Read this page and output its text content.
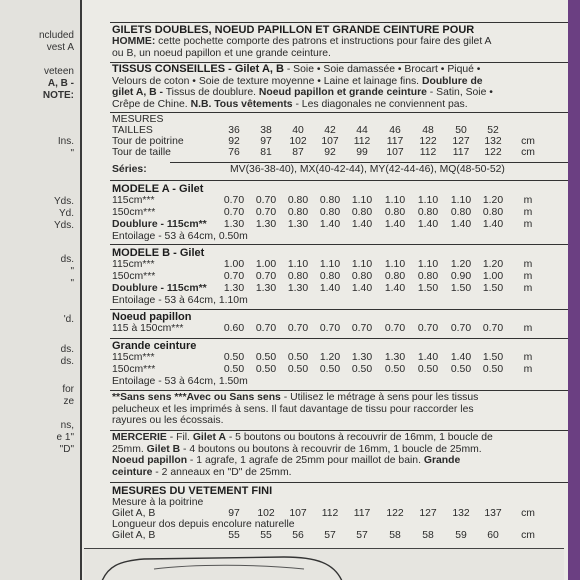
ncluded
vest A
veteen
A, B -
NOTE:
Ins.
"
Yds.
Yd.
Yds.
ds.
"
"
'd.
ds.
ds.
for
ze
ns,
e 1"
"D"
GILETS DOUBLES, NOEUD PAPILLON ET GRANDE CEINTURE POUR
HOMME: cette pochette comporte des patrons et instructions pour faire des gilet A
ou B, un noeud papillon et une grande ceinture.
TISSUS CONSEILLES - Gilet A, B - Soie • Soie damassée • Brocart • Piqué •
Velours de coton • Soie de texture moyenne • Laine et lainage fins. Doublure de
gilet A, B - Tissus de doublure. Noeud papillon et grande ceinture - Satin, Soie •
Crêpe de Chine. N.B. Tous vêtements - Les diagonales ne conviennent pas.
MESURES
TAILLES	36	38	40	42	44	46	48	50	52
Tour de poitrine	92	97	102	107	112	117	122	127	132	cm
Tour de taille	76	81	87	92	99	107	112	117	122	cm
Séries:	MV(36-38-40), MX(40-42-44), MY(42-44-46), MQ(48-50-52)
MODELE A - Gilet
115cm***	0.70	0.70	0.80	0.80	1.10	1.10	1.10	1.10	1.20	m
150cm***	0.70	0.70	0.80	0.80	0.80	0.80	0.80	0.80	0.80	m
Doublure - 115cm**	1.30	1.30	1.30	1.40	1.40	1.40	1.40	1.40	1.40	m
Entoilage - 53 à 64cm, 0.50m
MODELE B - Gilet
115cm***	1.00	1.00	1.10	1.10	1.10	1.10	1.10	1.20	1.20	m
150cm***	0.70	0.70	0.80	0.80	0.80	0.80	0.80	0.90	1.00	m
Doublure - 115cm**	1.30	1.30	1.30	1.40	1.40	1.40	1.50	1.50	1.50	m
Entoilage - 53 à 64cm, 1.10m
Noeud papillon
115 à 150cm***	0.60	0.70	0.70	0.70	0.70	0.70	0.70	0.70	0.70	m
Grande ceinture
115cm***	0.50	0.50	0.50	1.20	1.30	1.30	1.40	1.40	1.50	m
150cm***	0.50	0.50	0.50	0.50	0.50	0.50	0.50	0.50	0.50	m
Entoilage - 53 à 64cm, 1.50m
**Sans sens ***Avec ou Sans sens - Utilisez le métrage à sens pour les tissus
pelucheux et les imprimés à sens. Il faut davantage de tissu pour raccorder les
rayures ou les écossais.
MERCERIE - Fil. Gilet A - 5 boutons ou boutons à recouvrir de 16mm, 1 boucle de
25mm. Gilet B - 4 boutons ou boutons à recouvrir de 16mm, 1 boucle de 25mm.
Noeud papillon - 1 agrafe, 1 agrafe de 25mm pour maillot de bain. Grande
ceinture - 2 anneaux en "D" de 25mm.
MESURES DU VETEMENT FINI
Mesure à la poitrine
Gilet A, B	97	102	107	112	117	122	127	132	137	cm
Longueur dos depuis encolure naturelle
Gilet A, B	55	55	56	57	57	58	58	59	60	cm
